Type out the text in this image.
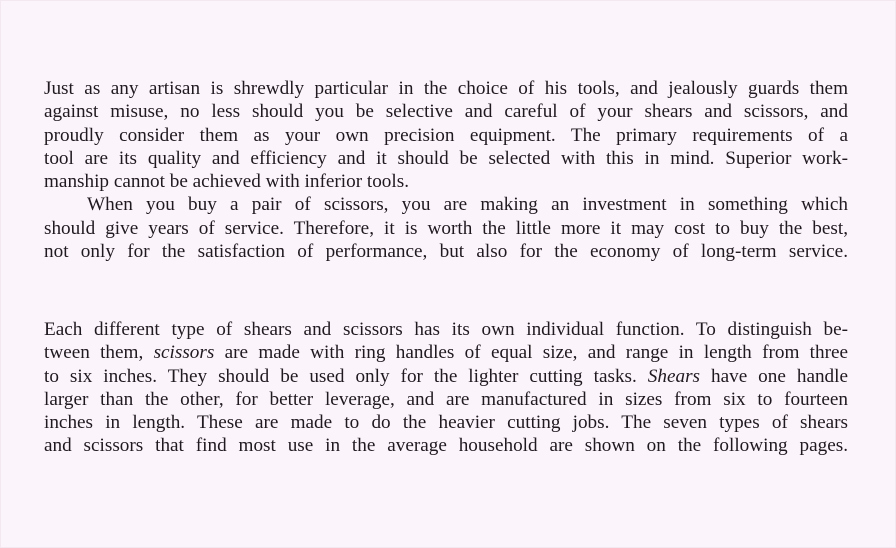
Just as any artisan is shrewdly particular in the choice of his tools, and jealously guards them
against misuse, no less should you be selective and careful of your shears and scissors, and
proudly consider them as your own precision equipment. The primary requirements of a
tool are its quality and efficiency and it should be selected with this in mind. Superior work-
manship cannot be achieved with inferior tools.

When you buy a pair of scissors, you are making an investment in something which
should give years of service. Therefore, it is worth the little more it may cost to buy the best,
not only for the satisfaction of performance, but also for the economy of long-term service.

Each different type of shears and scissors has its own individual function. To distinguish be-
tween them, scissors are made with ring handles of equal size, and range in length from three
to six inches. They should be used only for the lighter cutting tasks. Shears have one handle
larger than the other, for better leverage, and are manufactured in sizes from six to fourteen
inches in length. These are made to do the heavier cutting jobs. The seven types of shears
and scissors that find most use in the average household are shown on the following pages.
